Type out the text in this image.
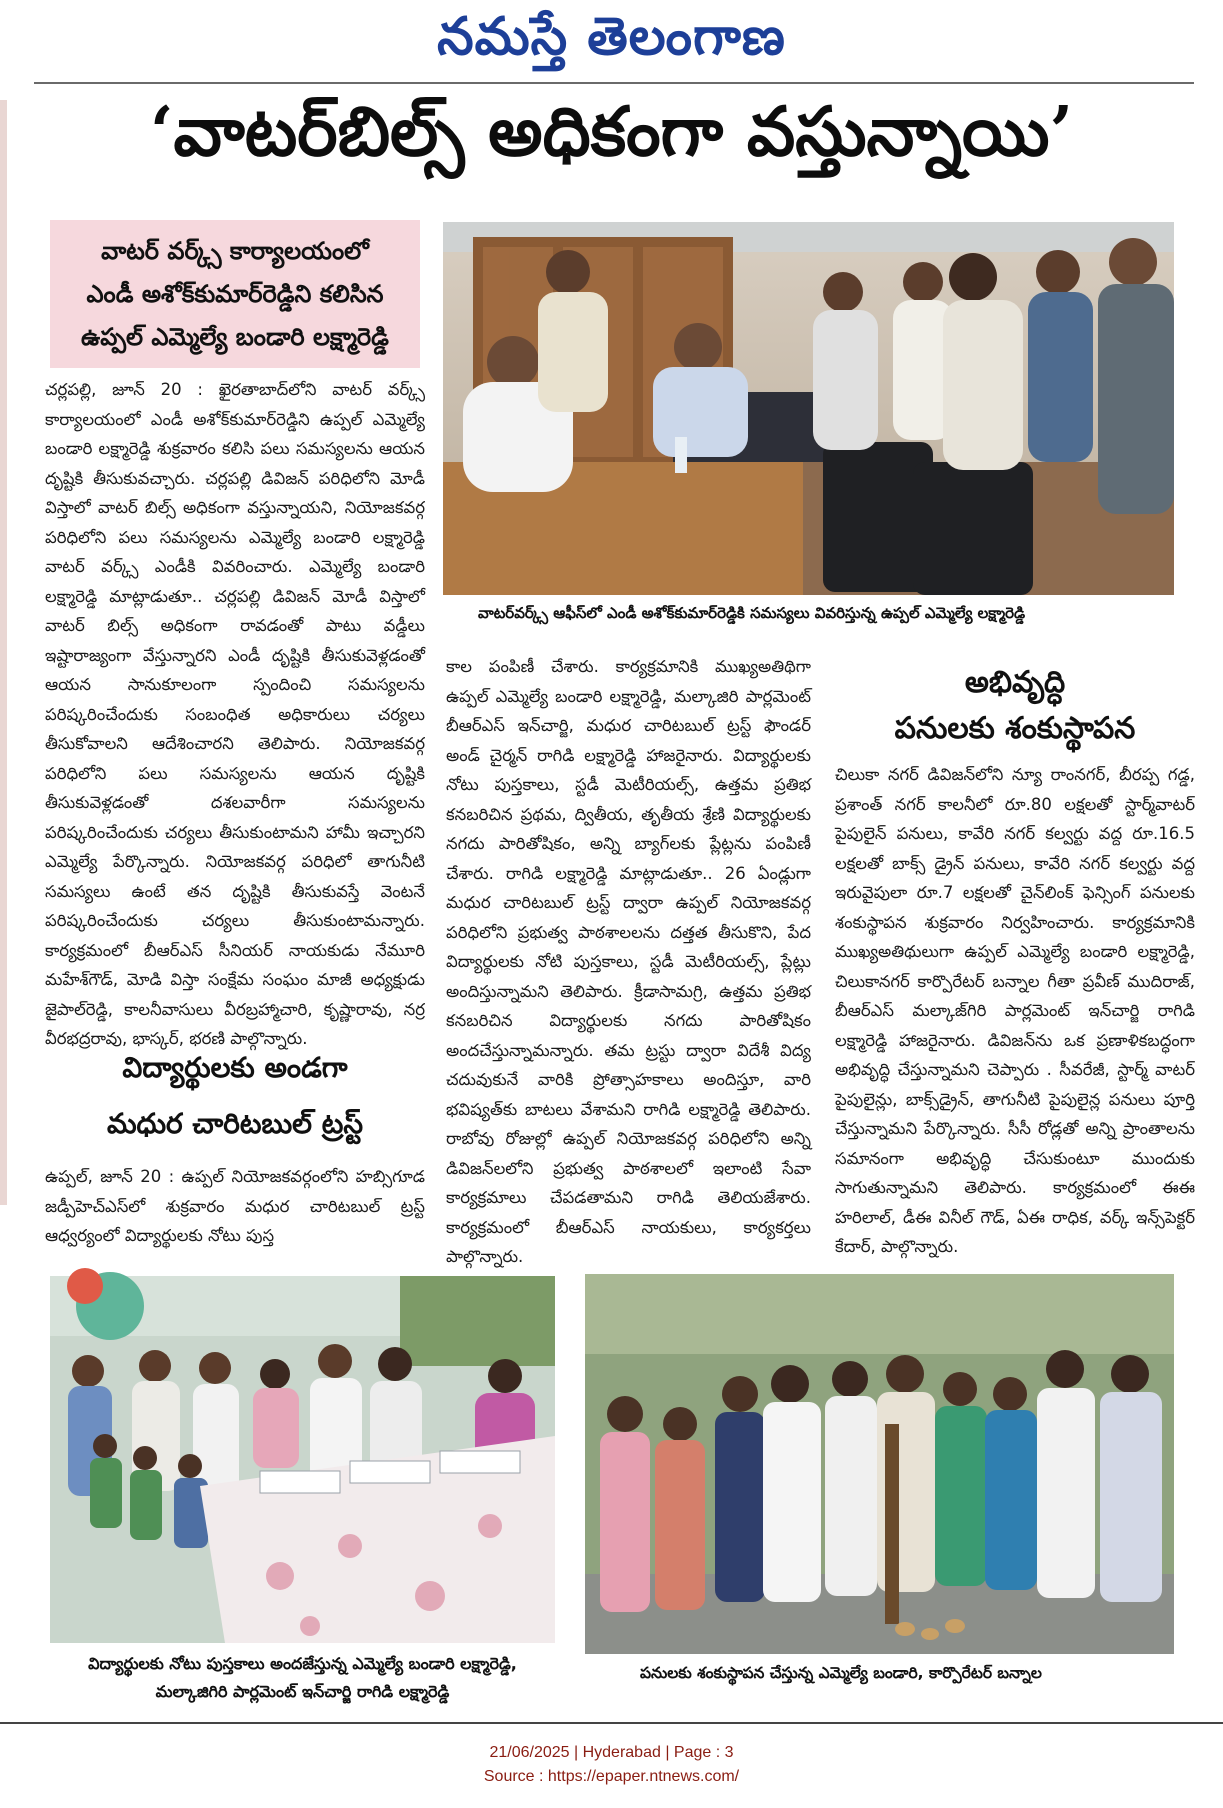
నమస్తే తెలంగాణ
‘వాటర్‌బిల్స్‌ అధికంగా వస్తున్నాయి’
వాటర్‌ వర్క్స్‌ కార్యాలయంలో
ఎండీ అశోక్‌కుమార్‌రెడ్డిని కలిసిన
ఉప్పల్‌ ఎమ్మెల్యే బండారి లక్ష్మారెడ్డి

చర్లపల్లి, జూన్‌ 20 : ఖైరతాబాద్‌లోని వాటర్‌ వర్క్స్‌ కార్యాలయంలో ఎండీ అశోక్‌కుమార్‌రెడ్డిని ఉప్పల్‌ ఎమ్మెల్యే బండారి లక్ష్మారెడ్డి శుక్రవారం కలిసి పలు సమస్యలను ఆయన దృష్టికి తీసుకువచ్చారు. చర్లపల్లి డివిజన్‌ పరిధిలోని మోడీ విస్తాలో వాటర్‌ బిల్స్‌ అధికంగా వస్తున్నాయని, నియోజకవర్గ పరిధిలోని పలు సమస్యలను ఎమ్మెల్యే బండారి లక్ష్మారెడ్డి వాటర్‌ వర్క్స్‌ ఎండీకి వివరించారు. ఎమ్మెల్యే బండారి లక్ష్మారెడ్డి మాట్లాడుతూ.. చర్లపల్లి డివిజన్‌ మోడీ విస్తాలో వాటర్‌ బిల్స్‌ అధికంగా రావడంతో పాటు వడ్డీలు ఇష్టారాజ్యంగా వేస్తున్నారని ఎండీ దృష్టికి తీసుకువెళ్లడంతో ఆయన సానుకూలంగా స్పందించి సమస్యలను పరిష్కరించేందుకు సంబంధిత అధికారులు చర్యలు తీసుకోవాలని ఆదేశించారని తెలిపారు. నియోజకవర్గ పరిధిలోని పలు సమస్యలను ఆయన దృష్టికి తీసుకువెళ్లడంతో దశలవారీగా సమస్యలను పరిష్కరించేందుకు చర్యలు తీసుకుంటామని హామీ ఇచ్చారని ఎమ్మెల్యే పేర్కొన్నారు. నియోజకవర్గ పరిధిలో తాగునీటి సమస్యలు ఉంటే తన దృష్టికి తీసుకువస్తే వెంటనే పరిష్కరించేందుకు చర్యలు తీసుకుంటామన్నారు. కార్యక్రమంలో బీఆర్‌ఎస్‌ సీనియర్‌ నాయకుడు నేమూరి మహేశ్‌గౌడ్‌, మోడి విస్తా సంక్షేమ సంఘం మాజీ అధ్యక్షుడు జైపాల్‌రెడ్డి, కాలనీవాసులు వీరబ్రహ్మాచారి, కృష్ణారావు, నర్ర వీరభద్రరావు, భాస్కర్‌, భరణి పాల్గొన్నారు.

వాటర్‌వర్క్స్‌ ఆఫీస్‌లో ఎండీ అశోక్‌కుమార్‌రెడ్డికి సమస్యలు వివరిస్తున్న ఉప్పల్‌ ఎమ్మెల్యే లక్ష్మారెడ్డి

విద్యార్థులకు అండగా

మధుర చారిటబుల్‌ ట్రస్ట్‌

ఉప్పల్‌, జూన్‌ 20 : ఉప్పల్‌ నియోజకవర్గంలోని హబ్సిగూడ జడ్పీహెచ్‌ఎస్‌లో శుక్రవారం మధుర చారిటబుల్‌ ట్రస్ట్‌ ఆధ్వర్యంలో విద్యార్థులకు నోటు పుస్త

కాల పంపిణీ చేశారు. కార్యక్రమానికి ముఖ్యఅతిథిగా ఉప్పల్‌ ఎమ్మెల్యే బండారి లక్ష్మారెడ్డి, మల్కాజిరి పార్లమెంట్‌ బీఆర్‌ఎస్‌ ఇన్‌చార్జి, మధుర చారిటబుల్‌ ట్రస్ట్‌ ఫౌండర్‌ అండ్‌ చైర్మన్‌ రాగిడి లక్ష్మారెడ్డి హాజరైనారు. విద్యార్థులకు నోటు పుస్తకాలు, స్టడీ మెటీరియల్స్‌, ఉత్తమ ప్రతిభ కనబరిచిన ప్రథమ, ద్వితీయ, తృతీయ శ్రేణి విద్యార్థులకు నగదు పారితోషికం, అన్ని బ్యాగ్‌లకు ప్లేట్లను పంపిణీ చేశారు. రాగిడి లక్ష్మారెడ్డి మాట్లాడుతూ.. 26 ఏండ్లుగా మధుర చారిటబుల్‌ ట్రస్ట్‌ ద్వారా ఉప్పల్‌ నియోజకవర్గ పరిధిలోని ప్రభుత్వ పాఠశాలలను దత్తత తీసుకొని, పేద విద్యార్థులకు నోటి పుస్తకాలు, స్టడీ మెటీరియల్స్‌, ప్లేట్లు అందిస్తున్నామని తెలిపారు. క్రీడాసామగ్రి, ఉత్తమ ప్రతిభ కనబరిచిన విద్యార్థులకు నగదు పారితోషికం అందచేస్తున్నామన్నారు. తమ ట్రస్టు ద్వారా విదేశీ విద్య చదువుకునే వారికి ప్రోత్సాహకాలు అందిస్తూ, వారి భవిష్యత్‌కు బాటలు వేశామని రాగిడి లక్ష్మారెడ్డి తెలిపారు. రాబోవు రోజుల్లో ఉప్పల్‌ నియోజకవర్గ పరిధిలోని అన్ని డివిజన్‌లలోని ప్రభుత్వ పాఠశాలలో ఇలాంటి సేవా కార్యక్రమాలు చేపడతామని రాగిడి తెలియజేశారు. కార్యక్రమంలో బీఆర్‌ఎస్‌ నాయకులు, కార్యకర్తలు పాల్గొన్నారు.

అభివృద్ధి

పనులకు శంకుస్థాపన

చిలుకా నగర్‌ డివిజన్‌లోని న్యూ రాంనగర్‌, బీరప్ప గడ్డ, ప్రశాంత్‌ నగర్‌ కాలనీలో రూ.80 లక్షలతో స్టార్మ్‌వాటర్‌ పైపులైన్‌ పనులు, కావేరి నగర్‌ కల్వర్టు వద్ద రూ.16.5 లక్షలతో బాక్స్‌ డ్రైన్‌ పనులు, కావేరి నగర్‌ కల్వర్టు వద్ద ఇరువైపులా రూ.7 లక్షలతో చైన్‌లింక్‌ ఫెన్సింగ్‌ పనులకు శంకుస్థాపన శుక్రవారం నిర్వహించారు. కార్యక్రమానికి ముఖ్యఅతిథులుగా ఉప్పల్‌ ఎమ్మెల్యే బండారి లక్ష్మారెడ్డి, చిలుకానగర్‌ కార్పొరేటర్‌ బన్నాల గీతా ప్రవీణ్‌ ముదిరాజ్‌, బీఆర్‌ఎస్‌ మల్కాజ్‌గిరి పార్లమెంట్‌ ఇన్‌చార్జి రాగిడి లక్ష్మారెడ్డి హాజరైనారు. డివిజన్‌ను ఒక ప్రణాళికబద్ధంగా అభివృద్ధి చేస్తున్నామని చెప్పారు . సీవరేజీ, స్టార్మ్‌ వాటర్‌ పైపులైన్లు, బాక్స్‌డ్రైన్‌, తాగునీటి పైపులైన్ల పనులు పూర్తి చేస్తున్నామని పేర్కొన్నారు. సీసీ రోడ్లతో అన్ని ప్రాంతాలను సమానంగా అభివృద్ధి చేసుకుంటూ ముందుకు సాగుతున్నామని తెలిపారు. కార్యక్రమంలో ఈఈ హరిలాల్‌, డీఈ వినీల్‌ గౌడ్‌, ఏఈ రాధిక, వర్క్‌ ఇన్స్‌పెక్టర్‌ కేదార్‌, పాల్గొన్నారు.

విద్యార్థులకు నోటు పుస్తకాలు అందజేస్తున్న ఎమ్మెల్యే బండారి లక్ష్మారెడ్డి,

మల్కాజిగిరి పార్లమెంట్‌ ఇన్‌చార్జి రాగిడి లక్ష్మారెడ్డి

పనులకు శంకుస్థాపన చేస్తున్న ఎమ్మెల్యే బండారి, కార్పొరేటర్‌ బన్నాల

21/06/2025 | Hyderabad | Page : 3
Source : https://epaper.ntnews.com/
